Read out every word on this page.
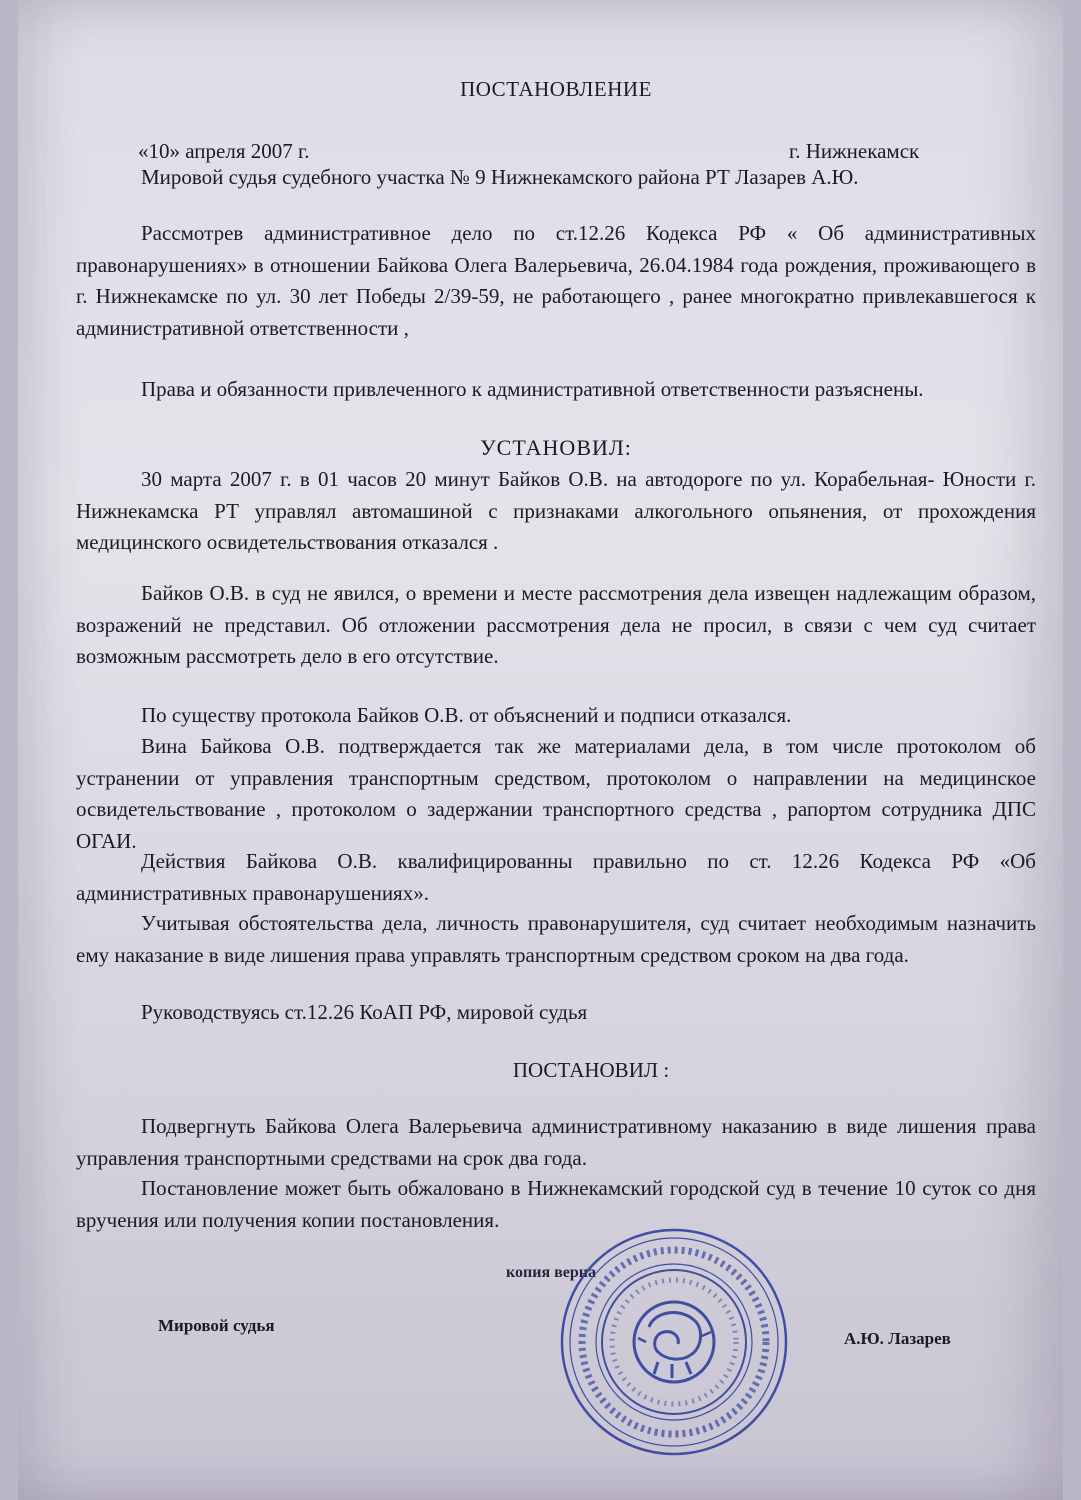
ПОСТАНОВЛЕНИЕ
«10» апреля 2007 г.	г. Нижнекамск

Мировой судья судебного участка № 9 Нижнекамского района РТ Лазарев А.Ю.

Рассмотрев административное дело по ст.12.26 Кодекса РФ « Об административных правонарушениях» в отношении Байкова Олега Валерьевича, 26.04.1984 года рождения, проживающего в г. Нижнекамске по ул. 30 лет Победы 2/39-59, не работающего , ранее многократно привлекавшегося к административной ответственности ,

Права и обязанности привлеченного к административной ответственности разъяснены.

УСТАНОВИЛ:

30 марта 2007 г. в 01 часов 20 минут Байков О.В. на автодороге по ул. Корабельная- Юности г. Нижнекамска РТ управлял автомашиной с признаками алкогольного опьянения, от прохождения медицинского освидетельствования отказался .

Байков О.В. в суд не явился, о времени и месте рассмотрения дела извещен надлежащим образом, возражений не представил. Об отложении рассмотрения дела не просил, в связи с чем суд считает возможным рассмотреть дело в его отсутствие.

По существу протокола Байков О.В. от объяснений и подписи отказался.

Вина Байкова О.В. подтверждается так же материалами дела, в том числе протоколом об устранении от управления транспортным средством, протоколом о направлении на медицинское освидетельствование , протоколом о задержании транспортного средства , рапортом сотрудника ДПС ОГАИ.

Действия Байкова О.В. квалифицированны правильно по ст. 12.26 Кодекса РФ «Об административных правонарушениях».

Учитывая обстоятельства дела, личность правонарушителя, суд считает необходимым назначить ему наказание в виде лишения права управлять транспортным средством сроком на два года.

Руководствуясь ст.12.26 КоАП РФ, мировой судья

ПОСТАНОВИЛ :

Подвергнуть Байкова Олега Валерьевича административному наказанию в виде лишения права управления транспортными средствами на срок два года.

Постановление может быть обжаловано в Нижнекамский городской суд в течение 10 суток со дня вручения или получения копии постановления.

копия верна
Мировой судья
А.Ю. Лазарев
